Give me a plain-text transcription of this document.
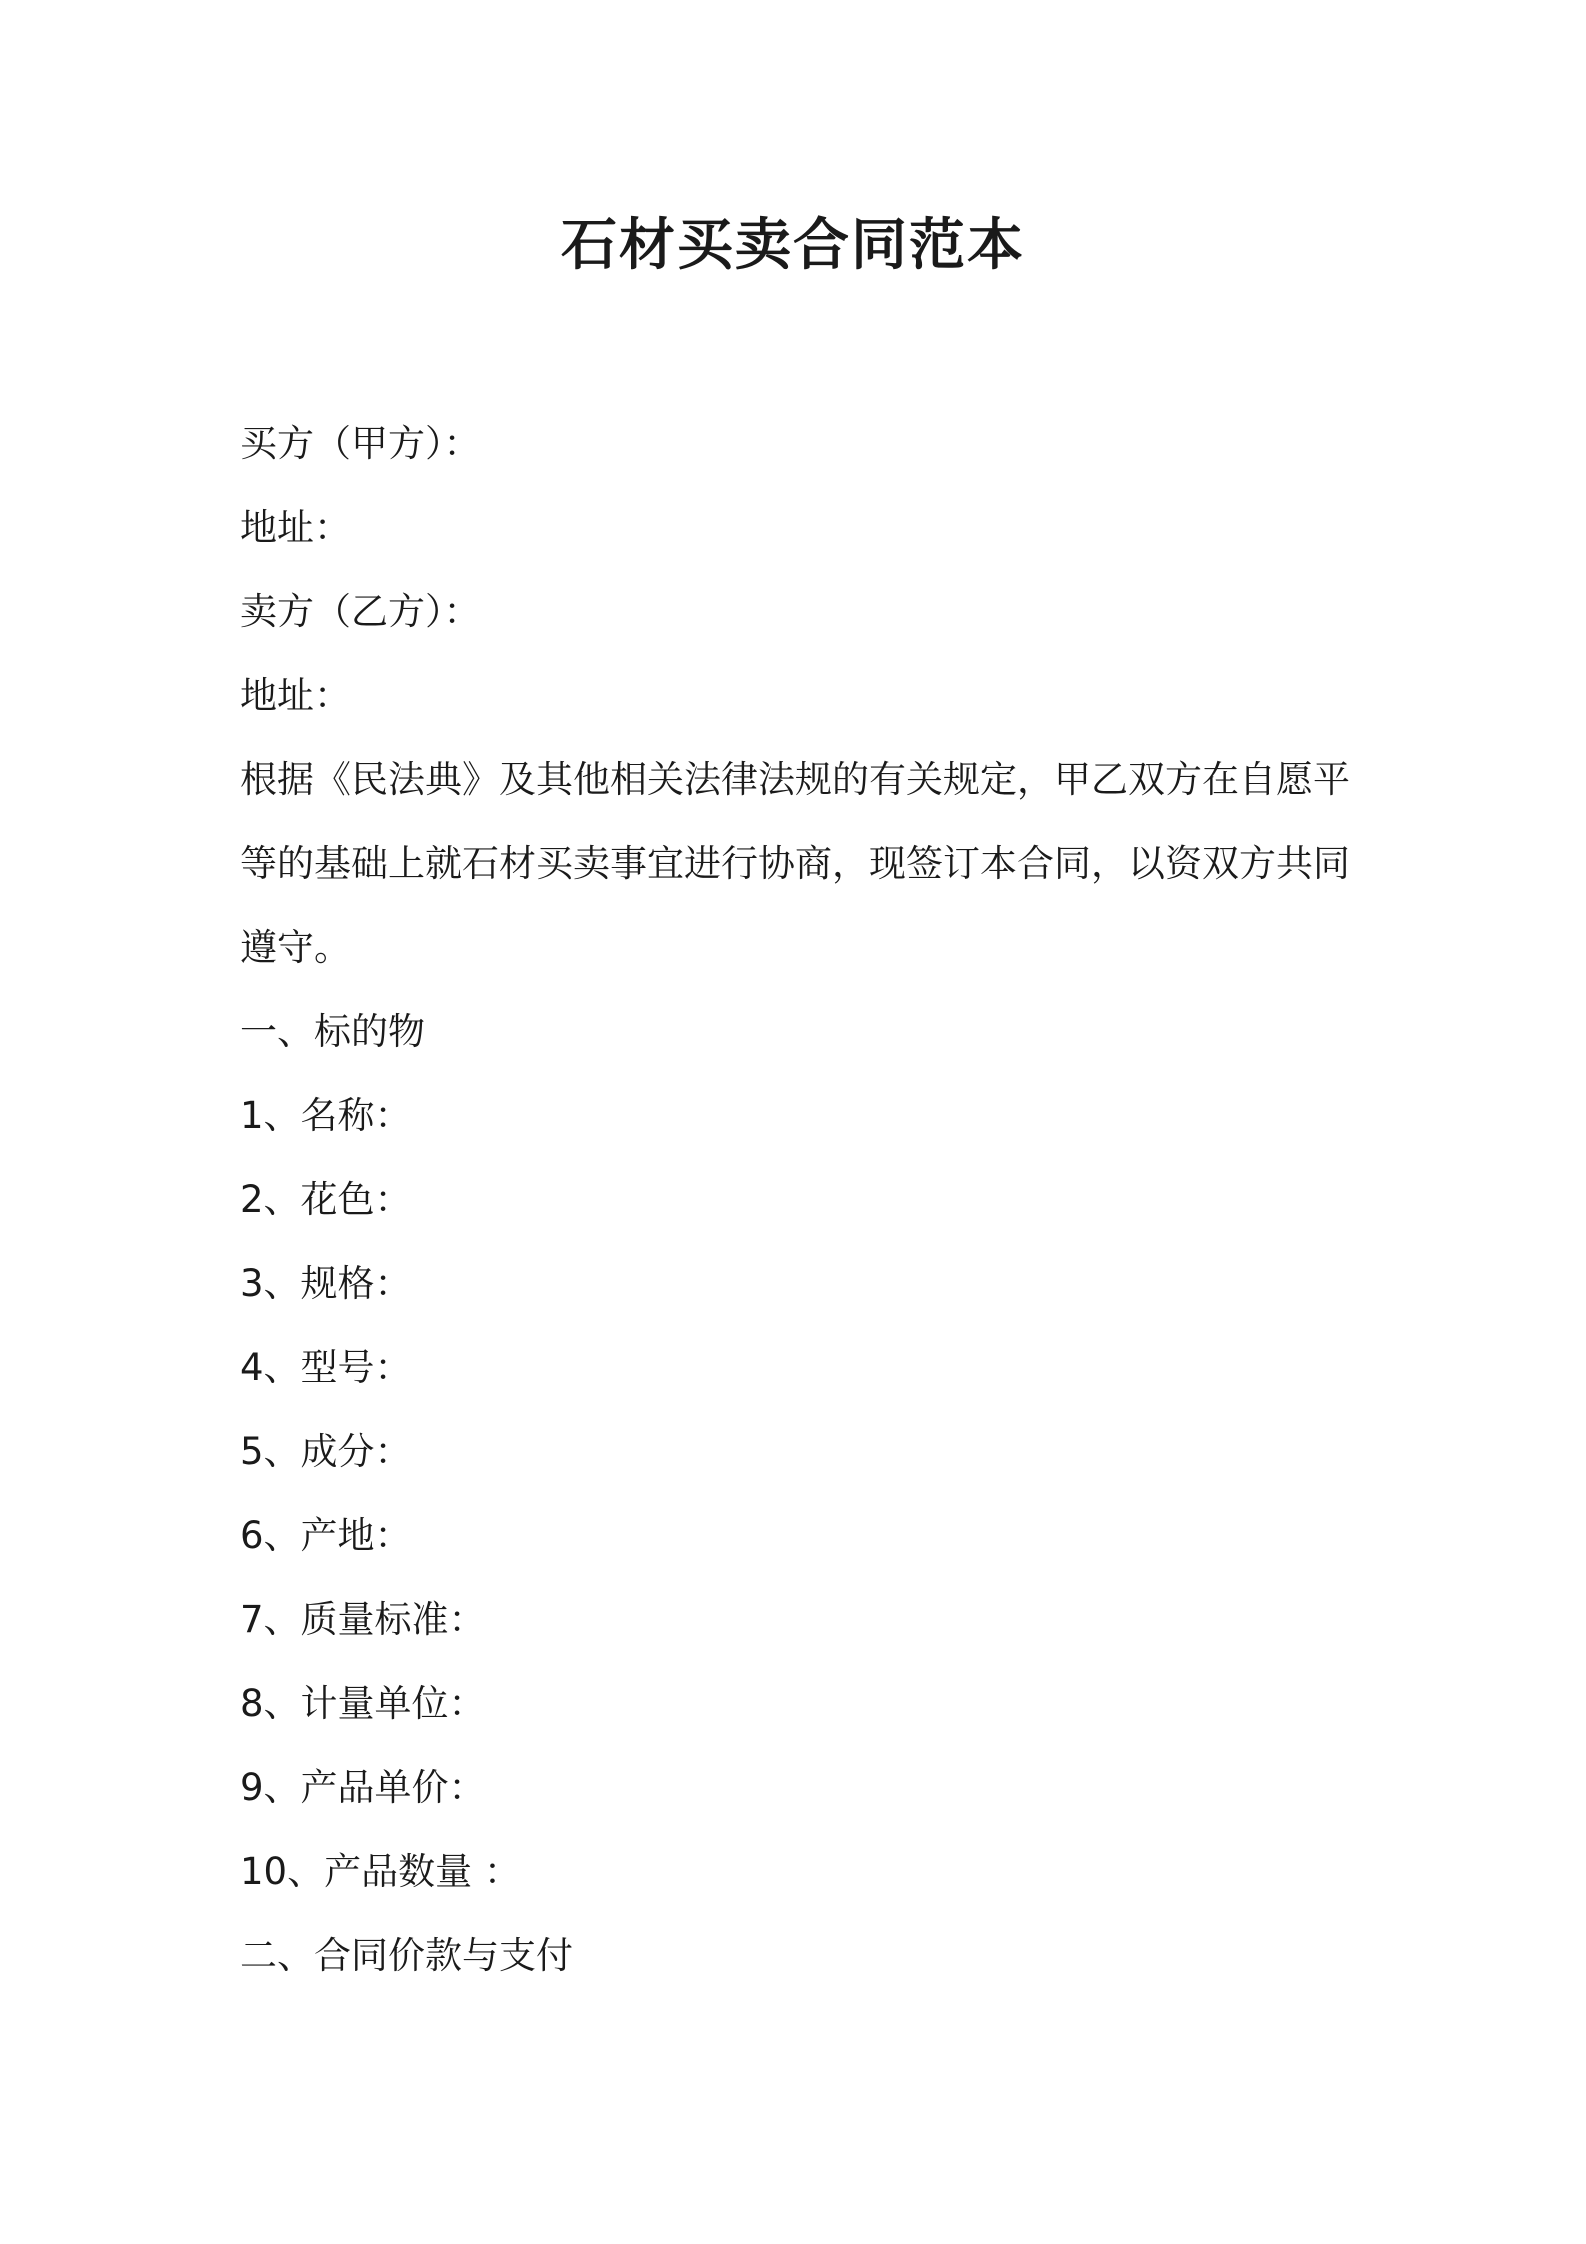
石材买卖合同范本

买方（甲方）：

地址：

卖方（乙方）：

地址：

根据《民法典》及其他相关法律法规的有关规定，甲乙双方在自愿平等的基础上就石材买卖事宜进行协商，现签订本合同，以资双方共同遵守。

一、标的物

1、名称：

2、花色：

3、规格：

4、型号：

5、成分：

6、产地：

7、质量标准：

8、计量单位：

9、产品单价：

10、产品数量 ：

二、合同价款与支付
